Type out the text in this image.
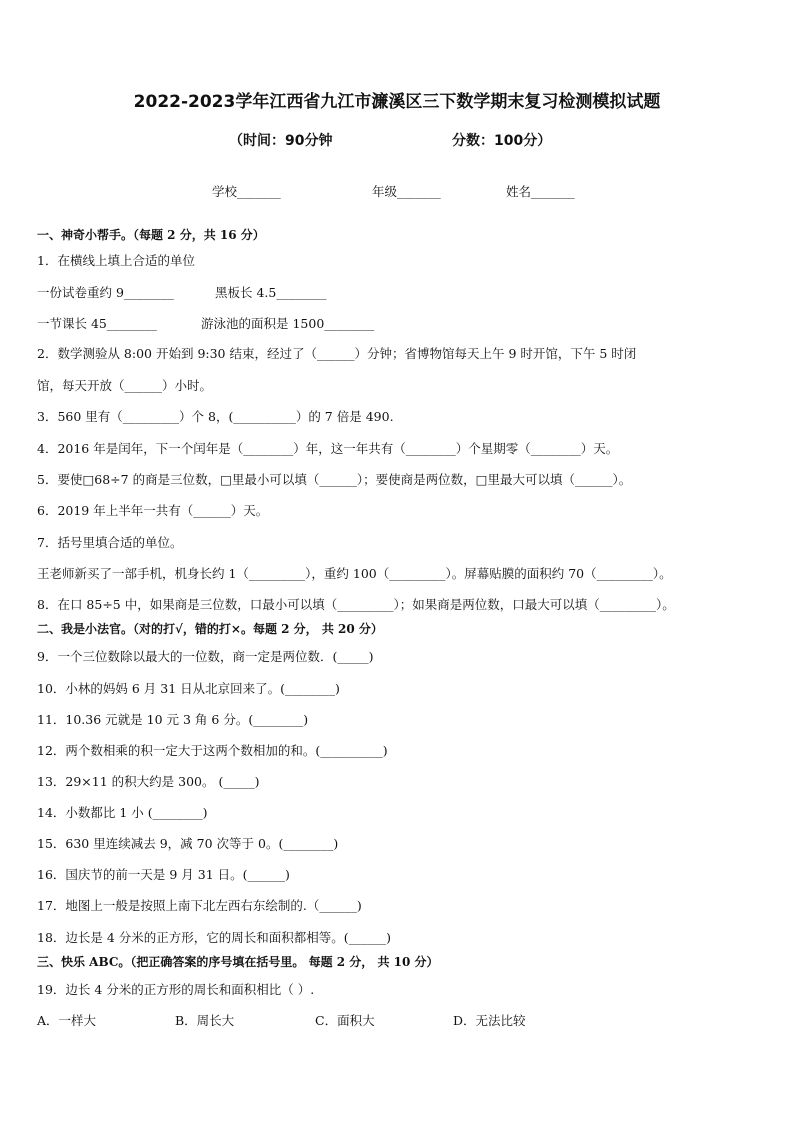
2022-2023学年江西省九江市濂溪区三下数学期末复习检测模拟试题
（时间：90分钟	分数：100分）
学校_______	年级_______	姓名_______
一、神奇小帮手。（每题 2 分，共 16 分）
1．在横线上填上合适的单位
一份试卷重约 9________	黑板长 4.5________
一节课长 45________	游泳池的面积是 1500________
2．数学测验从 8:00 开始到 9:30 结束，经过了（______）分钟；省博物馆每天上午 9 时开馆，下午 5 时闭
馆，每天开放（______）小时。
3．560 里有（_________）个 8，(__________）的 7 倍是 490.
4．2016 年是闰年，下一个闰年是（________）年，这一年共有（________）个星期零（________）天。
5．要使□68÷7 的商是三位数，□里最小可以填（______）；要使商是两位数，□里最大可以填（______）。
6．2019 年上半年一共有（______）天。
7．括号里填合适的单位。
王老师新买了一部手机，机身长约 1（_________），重约 100（_________）。屏幕贴膜的面积约 70（_________）。
8．在口 85÷5 中，如果商是三位数，口最小可以填（_________）；如果商是两位数，口最大可以填（_________）。
二、我是小法官。（对的打√，错的打×。每题 2 分， 共 20 分）
9．一个三位数除以最大的一位数，商一定是两位数．(_____)
10．小林的妈妈 6 月 31 日从北京回来了。(________)
11．10.36 元就是 10 元 3 角 6 分。(________)
12．两个数相乘的积一定大于这两个数相加的和。(__________)
13．29×11 的积大约是 300。 (_____)
14．小数都比 1 小 (________)
15．630 里连续减去 9，减 70 次等于 0。(________)
16．国庆节的前一天是 9 月 31 日。(______)
17．地图上一般是按照上南下北左西右东绘制的.（______)
18．边长是 4 分米的正方形，它的周长和面积都相等。(______)
三、快乐 ABC。（把正确答案的序号填在括号里。 每题 2 分， 共 10 分）
19．边长 4 分米的正方形的周长和面积相比（ ）.
A．一样大	B．周长大	C．面积大	D．无法比较
